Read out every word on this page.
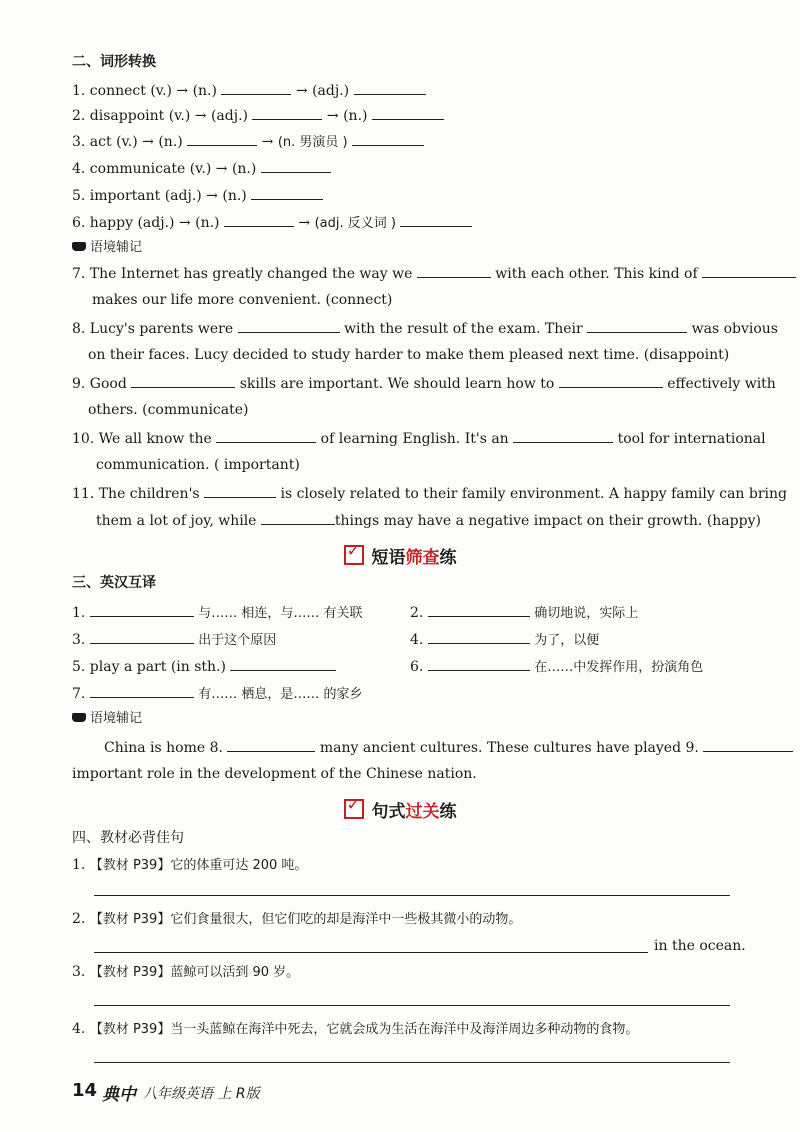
二、词形转换
1. connect (v.) → (n.)	→ (adj.)
2. disappoint (v.) → (adj.)	→ (n.)
3. act (v.) → (n.)	→ (n. 男演员 )
4. communicate (v.) → (n.)
5. important (adj.) → (n.)
6. happy (adj.) → (n.)	→ (adj. 反义词 )
语境辅记
7. The Internet has greatly changed the way we	with each other. This kind of
makes our life more convenient. (connect)
8. Lucy's parents were	with the result of the exam. Their	was obvious
on their faces. Lucy decided to study harder to make them pleased next time. (disappoint)
9. Good	skills are important. We should learn how to	effectively with
others. (communicate)
10. We all know the	of learning English. It's an	tool for international
communication. ( important)
11. The children's	is closely related to their family environment. A happy family can bring
them a lot of joy, while	things may have a negative impact on their growth. (happy)
✓短语筛查练
三、英汉互译
1.	与…… 相连，与…… 有关联	2.	确切地说，实际上
3.	出于这个原因	4.	为了，以便
5. play a part (in sth.)	6.	在……中发挥作用，扮演角色
7.	有…… 栖息，是…… 的家乡
语境辅记
China is home 8.	many ancient cultures. These cultures have played 9.
important role in the development of the Chinese nation.
✓句式过关练
四、教材必背佳句
1. 【教材 P39】它的体重可达 200 吨。
2. 【教材 P39】它们食量很大，但它们吃的却是海洋中一些极其微小的动物。
in the ocean.
3. 【教材 P39】蓝鲸可以活到 90 岁。
4. 【教材 P39】当一头蓝鲸在海洋中死去，它就会成为生活在海洋中及海洋周边多种动物的食物。
14 典中 八年级英语 上 R版
